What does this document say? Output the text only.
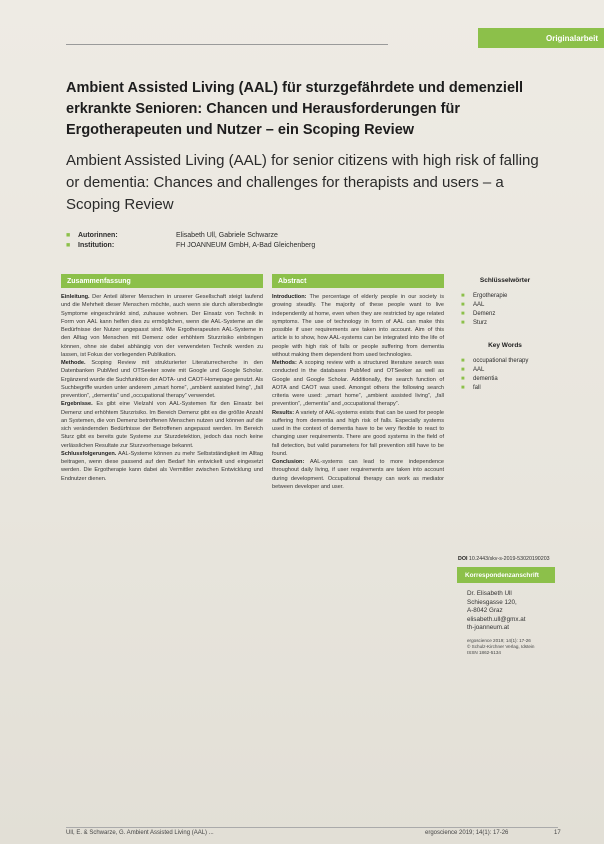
Originalarbeit
Ambient Assisted Living (AAL) für sturzgefährdete und demenziell erkrankte Senioren: Chancen und Herausforderungen für Ergotherapeuten und Nutzer – ein Scoping Review
Ambient Assisted Living (AAL) for senior citizens with high risk of falling or dementia: Chances and challenges for therapists and users – a Scoping Review
■	Autorinnen:	Elisabeth Ull, Gabriele Schwarze
■	Institution:	FH JOANNEUM GmbH, A-Bad Gleichenberg
Zusammenfassung
Einleitung. Der Anteil älterer Menschen in unserer Gesellschaft steigt laufend und die Mehrheit dieser Menschen möchte, auch wenn sie durch altersbedingte Symptome eingeschränkt sind, zuhause wohnen. Der Einsatz von Technik in Form von AAL kann helfen dies zu ermöglichen, wenn die AAL-Systeme an die Bedürfnisse der Nutzer angepasst sind. Wie Ergotherapeuten AAL-Systeme in den Alltag von Menschen mit Demenz oder erhöhtem Sturzrisiko einbringen können, ohne sie dabei abhängig von der verwendeten Technik werden zu lassen, ist Fokus der vorliegenden Publikation.
Methode. Scoping Review mit strukturierter Literaturrecherche in den Datenbanken PubMed und OTSeeker sowie mit Google und Google Scholar. Ergänzend wurde die Suchfunktion der AOTA- und CAOT-Homepage genutzt. Als Suchbegriffe wurden unter anderem „smart home“, „ambient assisted living“, „fall prevention“, „dementia“ und „occupational therapy“ verwendet.
Ergebnisse. Es gibt eine Vielzahl von AAL-Systemen für den Einsatz bei Demenz und erhöhtem Sturzrisiko. Im Bereich Demenz gibt es die größte Anzahl an Systemen, die von Demenz betroffenen Menschen nutzen und können auf die sich verändernden Bedürfnisse der Betroffenen angepasst werden. Im Bereich Sturz gibt es bereits gute Systeme zur Sturzdetektion, jedoch das noch keine verlässlichen Resultate zur Sturzvorhersage bekannt.
Schlussfolgerungen. AAL-Systeme können zu mehr Selbstständigkeit im Alltag beitragen, wenn diese passend auf den Bedarf hin entwickelt und eingesetzt werden. Die Ergotherapie kann dabei als Vermittler zwischen Entwicklung und Endnutzer dienen.
Abstract
Introduction: The percentage of elderly people in our society is growing steadily. The majority of these people want to live independently at home, even when they are restricted by age related symptoms. The use of technology in form of AAL can make this possible if user requirements are taken into account. Aim of this article is to show, how AAL-systems can be integrated into the life of people with high risk of falls or people suffering from dementia without making them dependent from used technologies.
Methods: A scoping review with a structured literature search was conducted in the databases PubMed and OTSeeker as well as Google and Google Scholar. Additionally, the search function of AOTA and CAOT was used. Amongst others the following search criteria were used: „smart home“, „ambient assisted living“, „fall prevention“, „dementia“ and „occupational therapy“.
Results: A variety of AAL-systems exists that can be used for people suffering from dementia and high risk of falls. Especially systems used in the context of dementia have to be very flexible to react to changing user requirements. There are good systems in the field of fall detection, but valid parameters for fall prevention still have to be found.
Conclusion: AAL-systems can lead to more independence throughout daily living, if user requirements are taken into account during development. Occupational therapy can work as mediator between developer and user.
Schlüsselwörter
■	Ergotherapie
■	AAL
■	Demenz
■	Sturz
Key Words
■	occupational therapy
■	AAL
■	dementia
■	fall
DOI 10.2443/skv-s-2019-53020190203
Korrespondenzanschrift
Dr. Elisabeth Ull
Schiesgasse 120,
A-8042 Graz
elisabeth.ull@gmx.at
th-joanneum.at
ergoscience 2019; 14(1): 17-26
© Schulz-Kirchner Verlag, Idstein
ISSN 1862-5134
Ull, E. & Schwarze, G. Ambient Assisted Living (AAL) ...	ergoscience 2019; 14(1): 17-26	17
